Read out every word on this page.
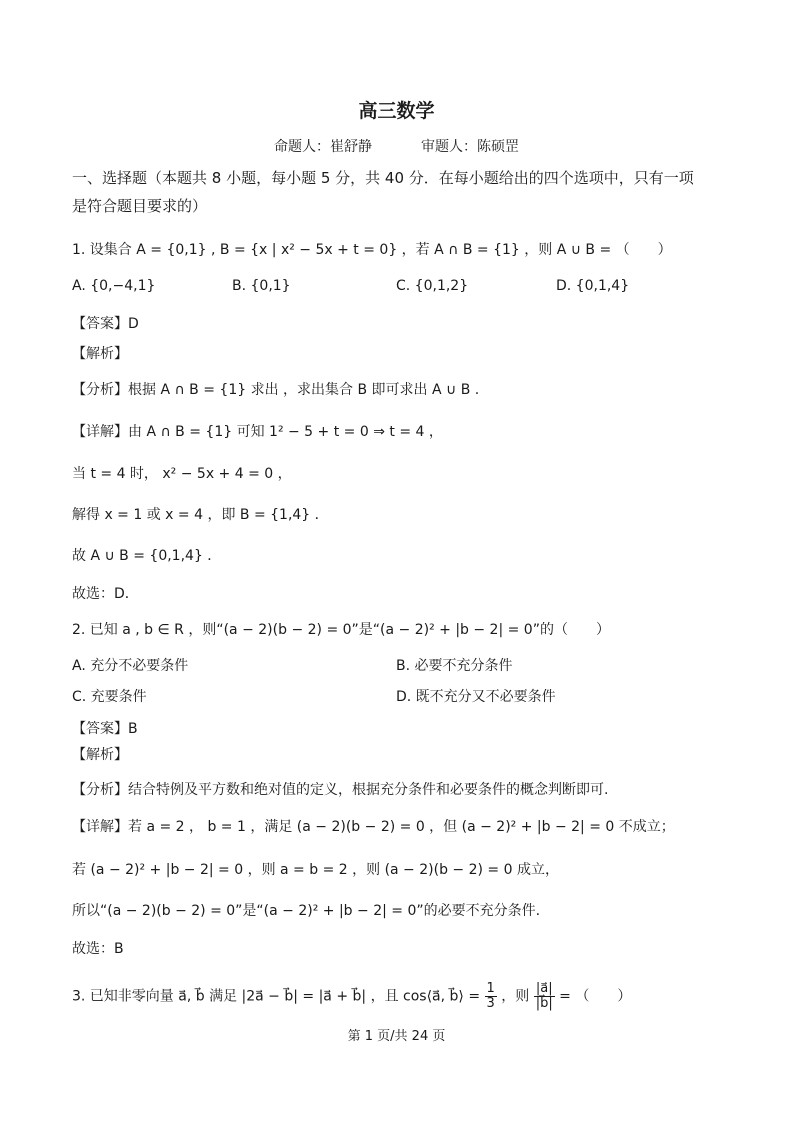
高三数学
命题人：崔舒静	审题人：陈硕罡
一、选择题（本题共 8 小题，每小题 5 分，共 40 分．在每小题给出的四个选项中，只有一项
是符合题目要求的）
1. 设集合 A = {0,1} , B = {x | x² − 5x + t = 0} ，若 A ∩ B = {1} ，则 A ∪ B = （　　）
A. {0,−4,1}	B. {0,1}	C. {0,1,2}	D. {0,1,4}
【答案】D
【解析】
【分析】根据 A ∩ B = {1} 求出 ，求出集合 B 即可求出 A ∪ B .
【详解】由 A ∩ B = {1} 可知 1² − 5 + t = 0 ⇒ t = 4 ，
当 t = 4 时， x² − 5x + 4 = 0 ，
解得 x = 1 或 x = 4 ，即 B = {1,4} ．
故 A ∪ B = {0,1,4} ．
故选：D．
2. 已知 a , b ∈ R ，则“(a − 2)(b − 2) = 0”是“(a − 2)² + |b − 2| = 0”的（　　）
A. 充分不必要条件	B. 必要不充分条件
C. 充要条件	D. 既不充分又不必要条件
【答案】B
【解析】
【分析】结合特例及平方数和绝对值的定义，根据充分条件和必要条件的概念判断即可.
【详解】若 a = 2 ， b = 1 ，满足 (a − 2)(b − 2) = 0 ，但 (a − 2)² + |b − 2| = 0 不成立；
若 (a − 2)² + |b − 2| = 0 ，则 a = b = 2 ，则 (a − 2)(b − 2) = 0 成立，
所以“(a − 2)(b − 2) = 0”是“(a − 2)² + |b − 2| = 0”的必要不充分条件.
故选：B
3. 已知非零向量 a⃗, b⃗ 满足 |2a⃗ − b⃗| = |a⃗ + b⃗| ，且 cos⟨a⃗, b⃗⟩ = $\frac{1}{3}$ ，则 $\frac{|a⃗|}{|b⃗|}$ = （　　）
第 1 页/共 24 页
